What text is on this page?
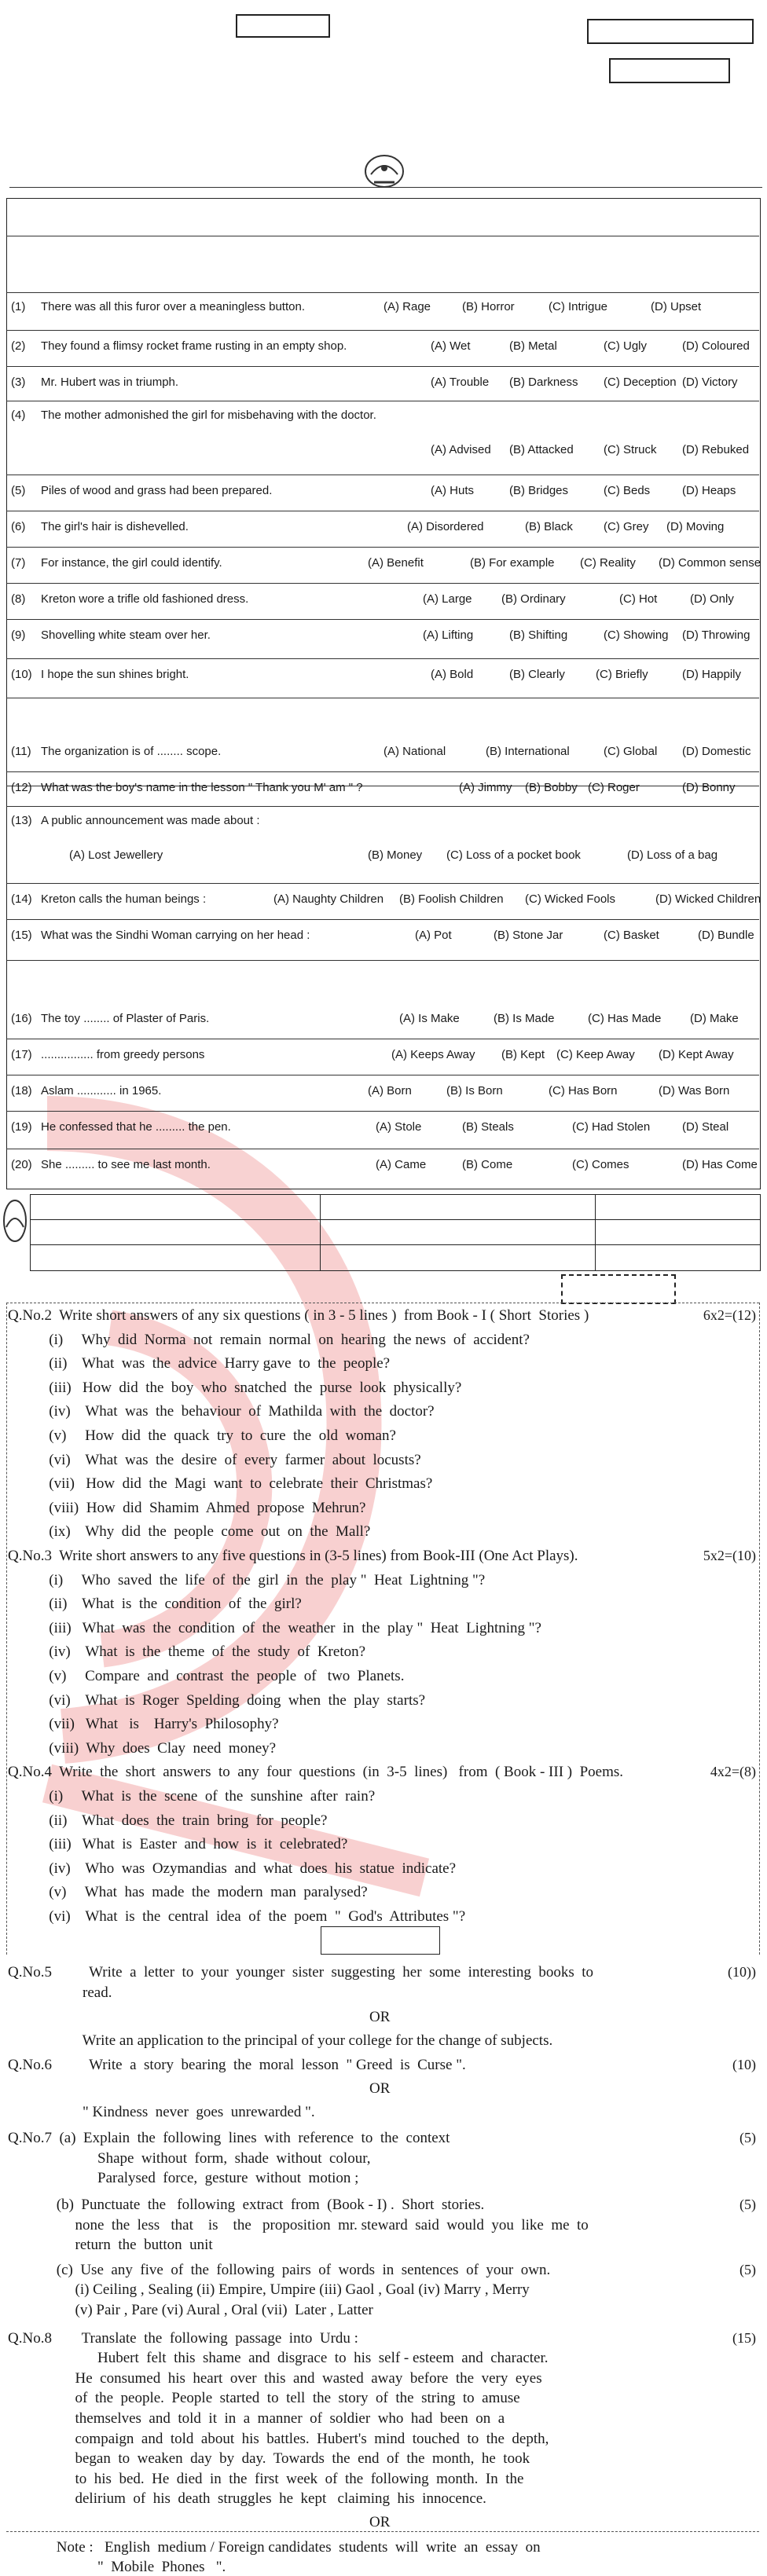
(1) There was all this furor over a meaningless button.	(A) Rage	(B) Horror	(C) Intrigue	(D) Upset
(2) They found a flimsy rocket frame rusting in an empty shop.	(A) Wet	(B) Metal	(C) Ugly	(D) Coloured
(3) Mr. Hubert was in triumph.	(A) Trouble (B) Darkness (C) Deception (D) Victory
(4) The mother admonished the girl for misbehaving with the doctor.
(A) Advised (B) Attacked	(C) Struck (D) Rebuked
(5) Piles of wood and grass had been prepared.	(A) Huts	(B) Bridges	(C) Beds	(D) Heaps
(6) The girl's hair is dishevelled.	(A) Disordered	(B) Black	(C) Grey (D) Moving
(7) For instance, the girl could identify.	(A) Benefit	(B) For example (C) Reality (D) Common sense
(8) Kreton wore a trifle old fashioned dress.	(A) Large (B) Ordinary	(C) Hot	(D) Only
(9) Shovelling white steam over her.	(A) Lifting	(B) Shifting	(C) Showing (D) Throwing
(10) I hope the sun shines bright.	(A) Bold	(B) Clearly	(C) Briefly	(D) Happily
(11) The organization is of ........ scope.	(A) National	(B) International	(C) Global (D) Domestic
(12) What was the boy's name in the lesson " Thank you M' am " ?	(A) Jimmy (B) Bobby (C) Roger	(D) Bonny
(13) A public announcement was made about :
(A) Lost Jewellery	(B) Money (C) Loss of a pocket book	(D) Loss of a bag
(14) Kreton calls the human beings :	(A) Naughty Children (B) Foolish Children (C) Wicked Fools	(D) Wicked Children
(15) What was the Sindhi Woman carrying on her head :	(A) Pot	(B) Stone Jar	(C) Basket	(D) Bundle
(16) The toy ........ of Plaster of Paris.	(A) Is Make	(B) Is Made	(C) Has Made (D) Make
(17) ................ from greedy persons	(A) Keeps Away (B) Kept (C) Keep Away (D) Kept Away
(18) Aslam ............ in 1965.	(A) Born	(B) Is Born	(C) Has Born	(D) Was Born
(19) He confessed that he ......... the pen.	(A) Stole	(B) Steals	(C) Had Stolen	(D) Steal
(20) She ......... to see me last month.	(A) Came	(B) Come	(C) Comes	(D) Has Come
Q.No.2  Write short answers of any six questions ( in 3 - 5 lines )  from Book - I ( Short  Stories )	6x2=(12)
(i)     Why  did  Norma  not  remain  normal  on  hearing  the news  of  accident?
(ii)    What  was  the  advice  Harry gave  to  the  people?
(iii)   How  did  the  boy  who  snatched  the  purse  look  physically?
(iv)    What  was  the  behaviour  of  Mathilda  with  the  doctor?
(v)     How  did  the  quack  try  to  cure  the  old  woman?
(vi)    What  was  the  desire  of  every  farmer  about  locusts?
(vii)   How  did  the  Magi  want  to  celebrate  their  Christmas?
(viii)  How  did  Shamim  Ahmed  propose  Mehrun?
(ix)    Why  did  the  people  come  out  on  the  Mall?
Q.No.3  Write short answers to any five questions in (3-5 lines) from Book-III (One Act Plays).	5x2=(10)
(i)     Who  saved  the  life  of  the  girl  in  the  play "  Heat  Lightning "?
(ii)    What  is  the  condition  of  the  girl?
(iii)   What  was  the  condition  of  the  weather  in  the  play "  Heat  Lightning "?
(iv)    What  is  the  theme  of  the  study  of  Kreton?
(v)     Compare  and  contrast  the  people  of   two  Planets.
(vi)    What  is  Roger  Spelding  doing  when  the  play  starts?
(vii)   What   is    Harry's  Philosophy?
(viii)  Why  does  Clay  need  money?
Q.No.4  Write  the  short  answers  to  any  four  questions  (in  3-5  lines)   from  ( Book - III )  Poems.	4x2=(8)
(i)     What  is  the  scene  of  the  sunshine  after  rain?
(ii)    What  does  the  train  bring  for  people?
(iii)   What  is  Easter  and  how  is  it  celebrated?
(iv)    Who  was  Ozymandias  and  what  does  his  statue  indicate?
(v)     What  has  made  the  modern  man  paralysed?
(vi)    What  is  the  central  idea  of  the  poem  "  God's  Attributes "?
Q.No.5          Write  a  letter  to  your  younger  sister  suggesting  her  some  interesting  books  to	(10))
read.
OR
Write an application to the principal of your college for the change of subjects.
Q.No.6          Write  a  story  bearing  the  moral  lesson  " Greed  is  Curse ".	(10)
OR
" Kindness  never  goes  unrewarded ".
Q.No.7  (a)  Explain  the  following  lines  with  reference  to  the  context	(5)
Shape  without  form,  shade  without  colour,
Paralysed  force,  gesture  without  motion ;
(b)  Punctuate  the   following  extract  from  (Book - I) .  Short  stories.	(5)
none  the  less   that    is    the   proposition  mr. steward  said  would  you  like  me  to
return  the  button  unit
(c)  Use  any  five  of  the  following  pairs  of  words  in  sentences  of  your  own.	(5)
(i) Ceiling , Sealing (ii) Empire, Umpire (iii) Gaol , Goal (iv) Marry , Merry
(v) Pair , Pare (vi) Aural , Oral (vii)  Later , Latter
Q.No.8        Translate  the  following  passage  into  Urdu :	(15)
Hubert  felt  this  shame  and  disgrace  to  his  self - esteem  and  character.
He  consumed  his  heart  over  this  and  wasted  away  before  the  very  eyes
of  the  people.  People  started  to  tell  the  story  of  the  string  to  amuse
themselves  and  told  it  in  a  manner  of  soldier  who  had  been  on  a
compaign  and  told  about  his  battles.  Hubert's  mind  touched  to  the  depth,
began  to  weaken  day  by  day.  Towards  the  end  of  the  month,  he  took
to  his  bed.  He  died  in  the  first  week  of  the  following  month.  In  the
delirium  of  his  death  struggles  he  kept   claiming  his  innocence.
OR
Note :   English  medium / Foreign candidates  students  will  write  an  essay  on
"  Mobile  Phones   ".
